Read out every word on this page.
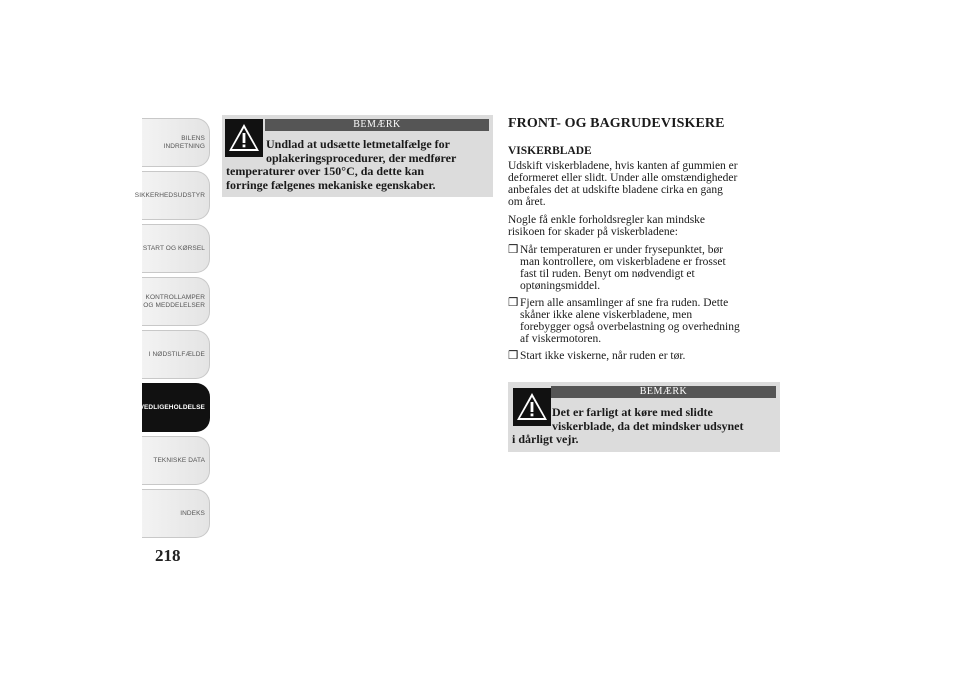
BILENS
INDRETNING
SIKKERHEDSUDSTYR
START OG KØRSEL
KONTROLLAMPER
OG MEDDELELSER
I NØDSTILFÆLDE
VEDLIGEHOLDELSE
TEKNISKE DATA
INDEKS
218
BEMÆRK
Undlad at udsætte letmetalfælge for
oplakeringsprocedurer, der medfører
temperaturer over 150°C, da dette kan
forringe fælgenes mekaniske egenskaber.
FRONT- OG BAGRUDEVISKERE
VISKERBLADE
Udskift viskerbladene, hvis kanten af gummien er
deformeret eller slidt. Under alle omstændigheder
anbefales det at udskifte bladene cirka en gang
om året.
Nogle få enkle forholdsregler kan mindske
risikoen for skader på viskerbladene:
❒ Når temperaturen er under frysepunktet, bør
man kontrollere, om viskerbladene er frosset
fast til ruden. Benyt om nødvendigt et
optøningsmiddel.
❒ Fjern alle ansamlinger af sne fra ruden. Dette
skåner ikke alene viskerbladene, men
forebygger også overbelastning og overhedning
af viskermotoren.
❒ Start ikke viskerne, når ruden er tør.
BEMÆRK
Det er farligt at køre med slidte
viskerblade, da det mindsker udsynet
i dårligt vejr.
